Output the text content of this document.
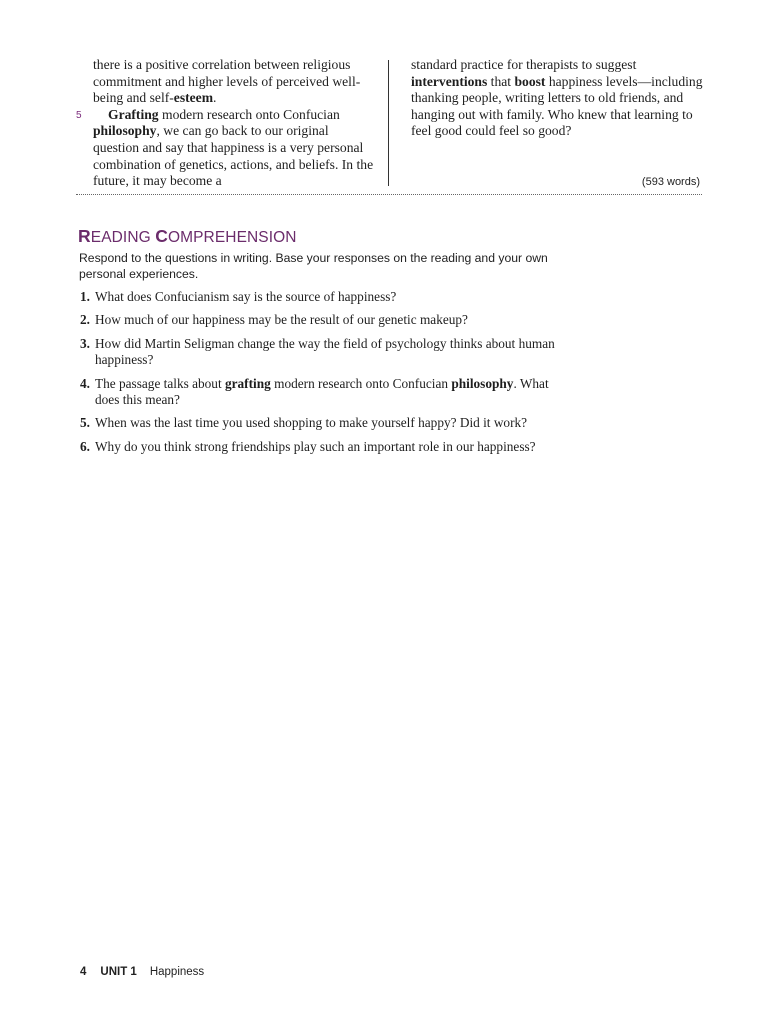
there is a positive correlation between religious commitment and higher levels of perceived well-being and self-esteem.

Grafting modern research onto Confucian philosophy, we can go back to our original question and say that happiness is a very personal combination of genetics, actions, and beliefs. In the future, it may become a

5

standard practice for therapists to suggest interventions that boost happiness levels—including thanking people, writing letters to old friends, and hanging out with family. Who knew that learning to feel good could feel so good?

(593 words)
READING COMPREHENSION

Respond to the questions in writing. Base your responses on the reading and your own personal experiences.

1. What does Confucianism say is the source of happiness?
2. How much of our happiness may be the result of our genetic makeup?
3. How did Martin Seligman change the way the field of psychology thinks about human happiness?
4. The passage talks about grafting modern research onto Confucian philosophy. What does this mean?
5. When was the last time you used shopping to make yourself happy? Did it work?
6. Why do you think strong friendships play such an important role in our happiness?
4 UNIT 1 Happiness
